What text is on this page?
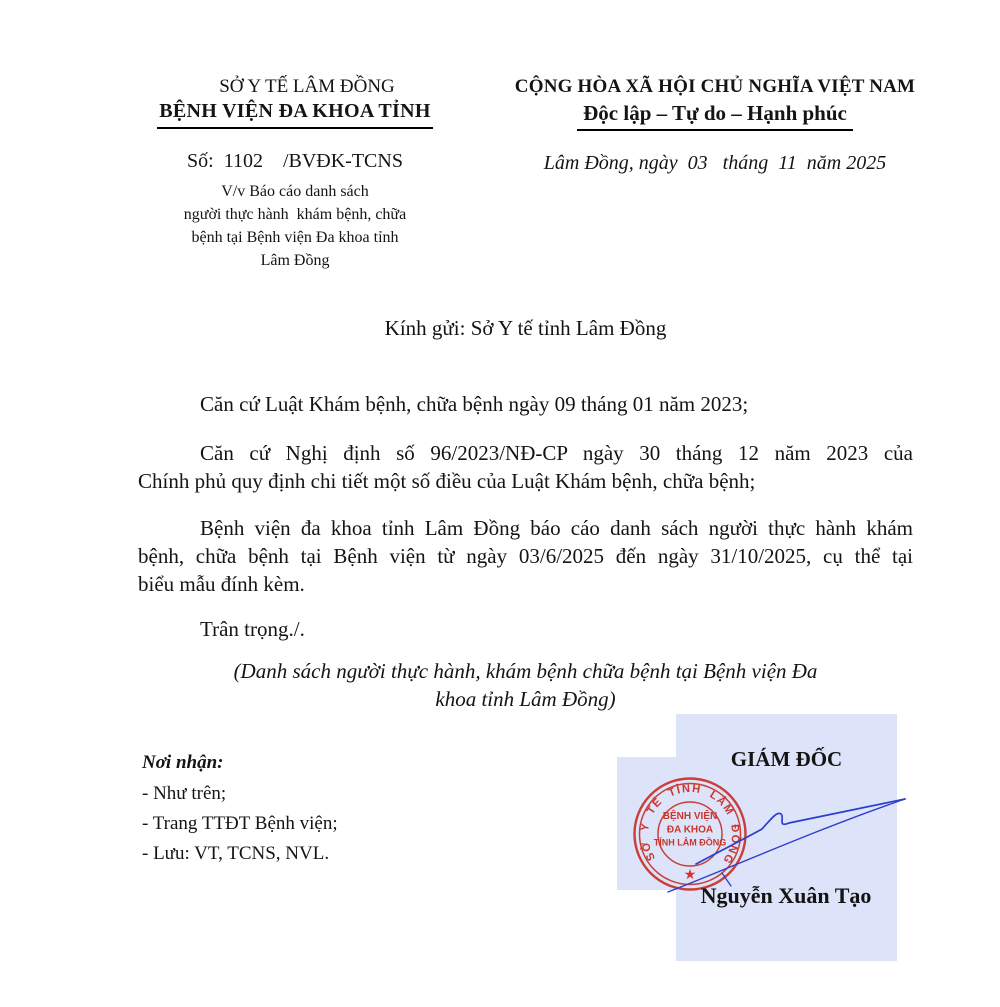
SỞ Y TẾ LÂM ĐỒNG
BỆNH VIỆN ĐA KHOA TỈNH
Số:  1102    /BVĐK-TCNS
V/v Báo cáo danh sách
người thực hành  khám bệnh, chữa
bệnh tại Bệnh viện Đa khoa tỉnh
Lâm Đồng
CỘNG HÒA XÃ HỘI CHỦ NGHĨA VIỆT NAM
Độc lập – Tự do – Hạnh phúc
Lâm Đồng, ngày  03   tháng  11  năm 2025
Kính gửi: Sở Y tế tỉnh Lâm Đồng
Căn cứ Luật Khám bệnh, chữa bệnh ngày 09 tháng 01 năm 2023;
Căn cứ Nghị định số 96/2023/NĐ-CP ngày 30 tháng 12 năm 2023 của
Chính phủ quy định chi tiết một số điều của Luật Khám bệnh, chữa bệnh;
Bệnh viện đa khoa tỉnh Lâm Đồng báo cáo danh sách người thực hành khám
bệnh, chữa bệnh tại Bệnh viện từ ngày 03/6/2025 đến ngày 31/10/2025, cụ thể tại
biểu mẫu đính kèm.
Trân trọng./.
(Danh sách người thực hành, khám bệnh chữa bệnh tại Bệnh viện Đa
khoa tỉnh Lâm Đồng)
Nơi nhận:
- Như trên;
- Trang TTĐT Bệnh viện;
- Lưu: VT, TCNS, NVL.
GIÁM ĐỐC
SỞ Y TẾ TỈNH LÂM ĐỒNG
BỆNH VIỆN
ĐA KHOA
TỈNH LÂM ĐỒNG
★
Nguyễn Xuân Tạo
